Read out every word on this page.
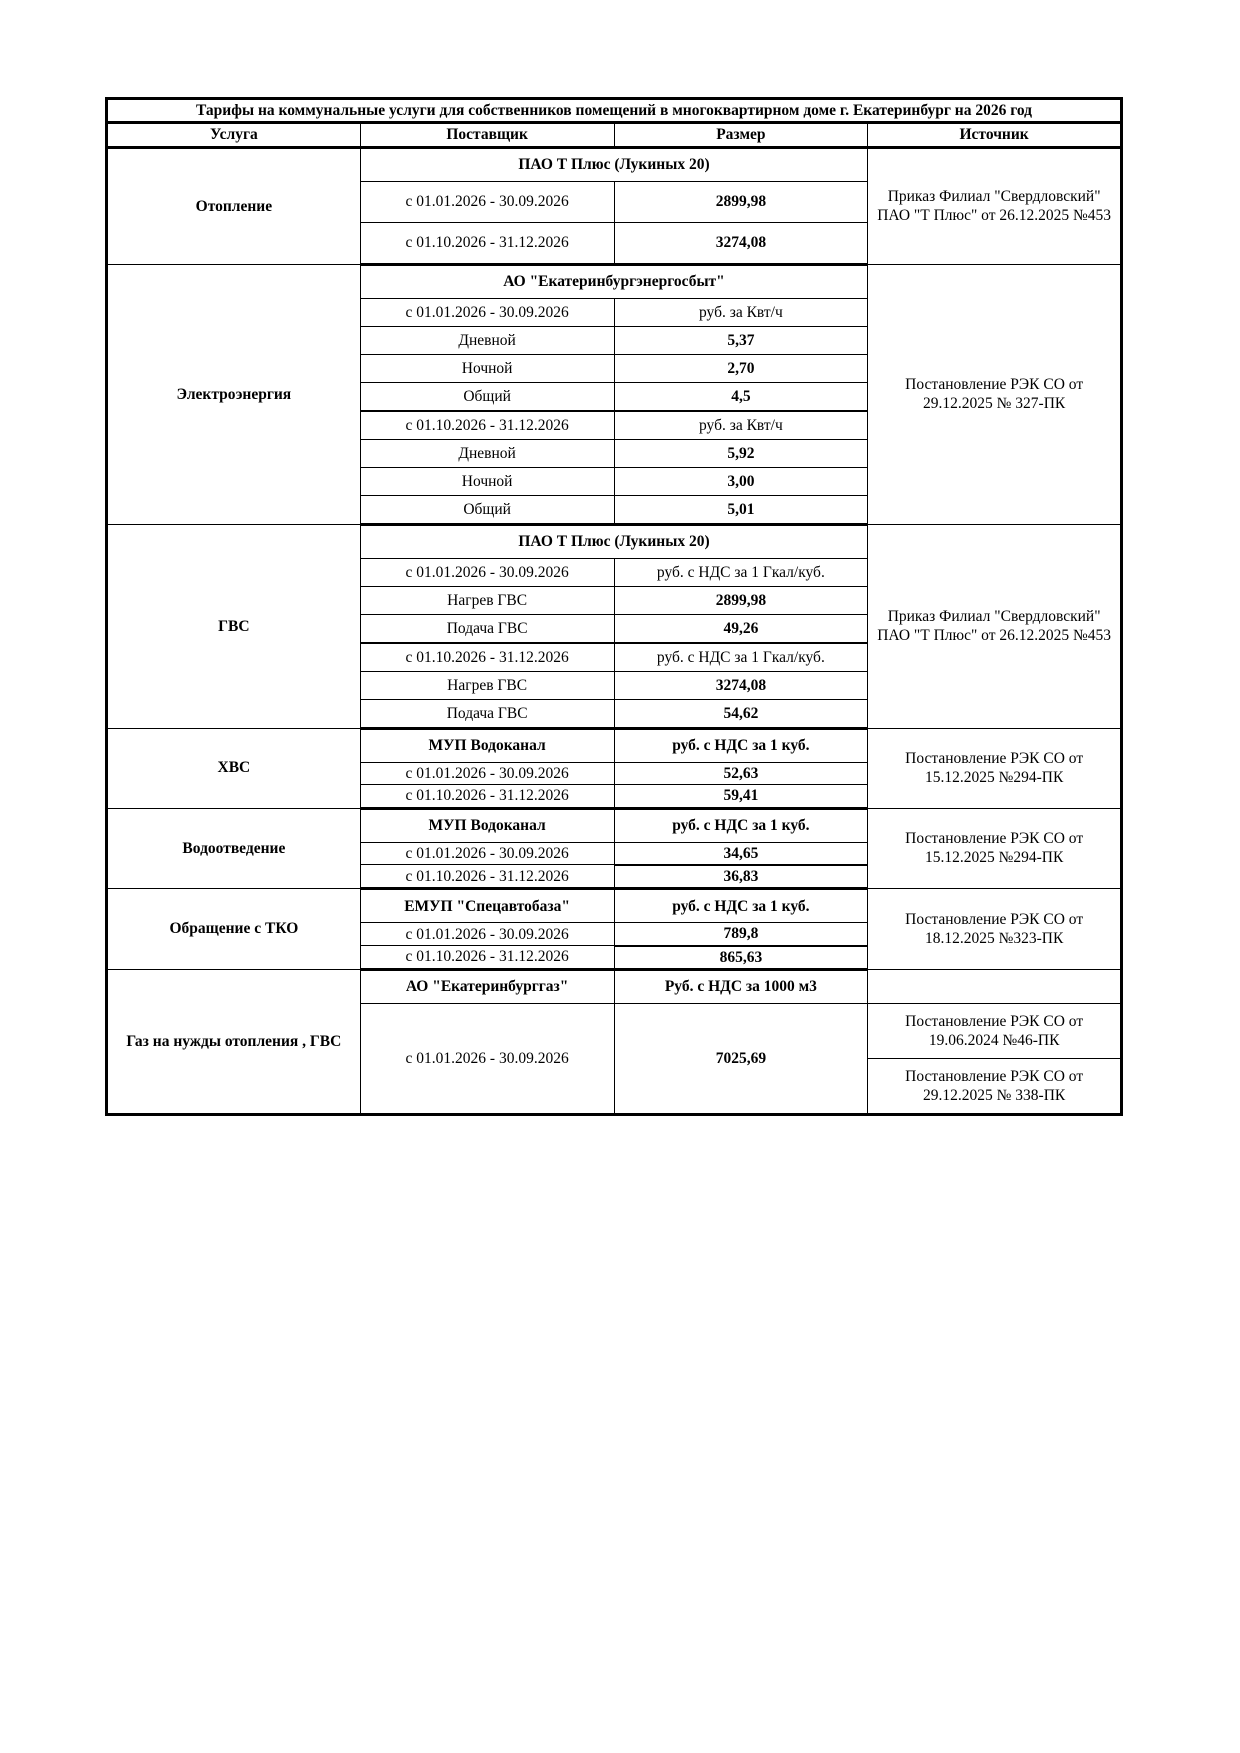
Тарифы на коммунальные услуги для собственников помещений в многоквартирном доме г. Екатеринбург на 2026 год			
Услуга	Поставщик	Размер	Источник
Отопление	ПАО Т Плюс (Лукиных 20)		Приказ Филиал "Свердловский" ПАО "Т Плюс" от 26.12.2025 №453
	с 01.01.2026 - 30.09.2026	2899,98	
	с 01.10.2026 - 31.12.2026	3274,08	
Электроэнергия	АО "Екатеринбургэнергосбыт"		Постановление РЭК СО от 29.12.2025 № 327-ПК
	с 01.01.2026 - 30.09.2026	руб. за Квт/ч	
	Дневной	5,37	
	Ночной	2,70	
	Общий	4,5	
	с 01.10.2026 - 31.12.2026	руб. за Квт/ч	
	Дневной	5,92	
	Ночной	3,00	
	Общий	5,01	
ГВС	ПАО Т Плюс (Лукиных 20)		Приказ Филиал "Свердловский" ПАО "Т Плюс" от 26.12.2025 №453
	с 01.01.2026 - 30.09.2026	руб. с НДС за 1 Гкал/куб.	
	Нагрев ГВС	2899,98	
	Подача ГВС	49,26	
	с 01.10.2026 - 31.12.2026	руб. с НДС за 1 Гкал/куб.	
	Нагрев ГВС	3274,08	
	Подача ГВС	54,62	
ХВС	МУП Водоканал	руб. с НДС за 1 куб.	Постановление РЭК СО от 15.12.2025 №294-ПК
	с 01.01.2026 - 30.09.2026	52,63	
	с 01.10.2026 - 31.12.2026	59,41	
Водоотведение	МУП Водоканал	руб. с НДС за 1 куб.	Постановление РЭК СО от 15.12.2025 №294-ПК
	с 01.01.2026 - 30.09.2026	34,65	
	с 01.10.2026 - 31.12.2026	36,83	
Обращение с ТКО	ЕМУП "Спецавтобаза"	руб. с НДС за 1 куб.	Постановление РЭК СО от 18.12.2025 №323-ПК
	с 01.01.2026 - 30.09.2026	789,8	
	с 01.10.2026 - 31.12.2026	865,63	
Газ на нужды отопления , ГВС	АО "Екатеринбурггаз"	Руб. с НДС за 1000 м3	
	с 01.01.2026 - 30.09.2026	7025,69	Постановление РЭК СО от 19.06.2024 №46-ПК
			Постановление РЭК СО от 29.12.2025 № 338-ПК
